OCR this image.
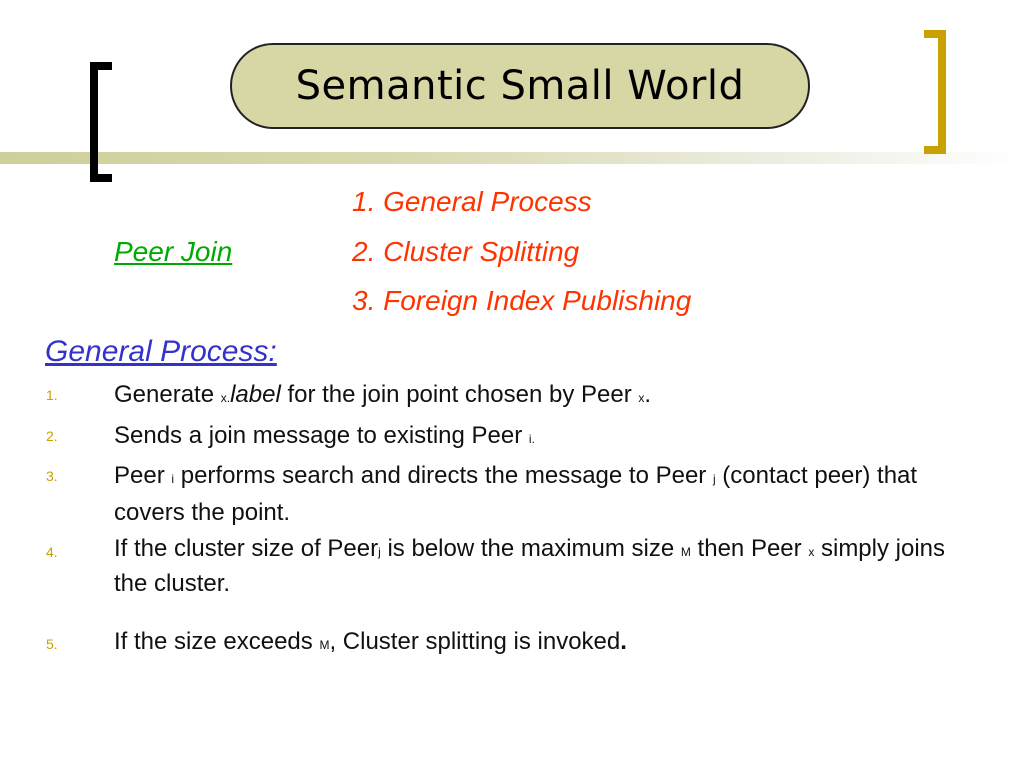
Semantic Small World
1. General Process
2. Cluster Splitting
3. Foreign Index Publishing
Peer Join
General Process:
1. Generate x.label for the join point chosen by Peer x.
2. Sends a join message to existing Peer i.
3. Peer i performs search and directs the message to Peer j (contact peer) that covers the point.
4. If the cluster size of Peerj is below the maximum size M then Peer x simply joins the cluster.
5. If the size exceeds M, Cluster splitting is invoked.
